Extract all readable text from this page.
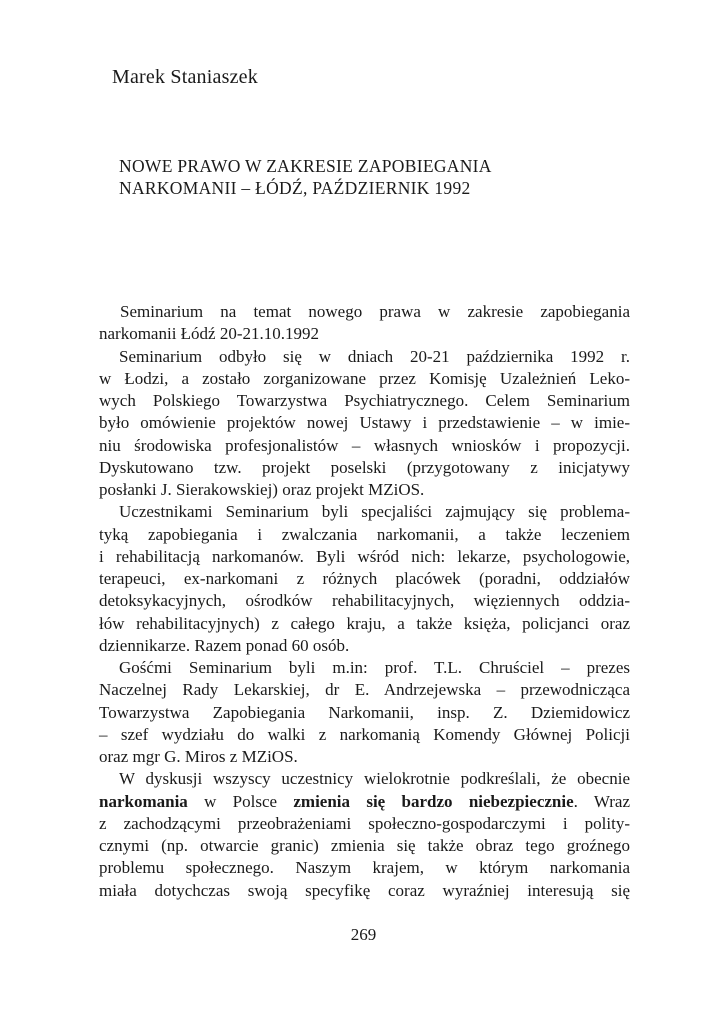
Marek Staniaszek
NOWE PRAWO W ZAKRESIE ZAPOBIEGANIA
NARKOMANII – ŁÓDŹ, PAŹDZIERNIK 1992
Seminarium na temat nowego prawa w zakresie zapobiegania
narkomanii Łódź 20-21.10.1992
Seminarium odbyło się w dniach 20-21 października 1992 r.
w Łodzi, a zostało zorganizowane przez Komisję Uzależnień Leko-
wych Polskiego Towarzystwa Psychiatrycznego. Celem Seminarium
było omówienie projektów nowej Ustawy i przedstawienie – w imie-
niu środowiska profesjonalistów – własnych wniosków i propozycji.
Dyskutowano tzw. projekt poselski (przygotowany z inicjatywy
posłanki J. Sierakowskiej) oraz projekt MZiOS.
Uczestnikami Seminarium byli specjaliści zajmujący się problema-
tyką zapobiegania i zwalczania narkomanii, a także leczeniem
i rehabilitacją narkomanów. Byli wśród nich: lekarze, psychologowie,
terapeuci, ex-narkomani z różnych placówek (poradni, oddziałów
detoksykacyjnych, ośrodków rehabilitacyjnych, więziennych oddzia-
łów rehabilitacyjnych) z całego kraju, a także księża, policjanci oraz
dziennikarze. Razem ponad 60 osób.
Gośćmi Seminarium byli m.in: prof. T.L. Chruściel – prezes
Naczelnej Rady Lekarskiej, dr E. Andrzejewska – przewodnicząca
Towarzystwa Zapobiegania Narkomanii, insp. Z. Dziemidowicz
– szef wydziału do walki z narkomanią Komendy Głównej Policji
oraz mgr G. Miros z MZiOS.
W dyskusji wszyscy uczestnicy wielokrotnie podkreślali, że obecnie
narkomania w Polsce zmienia się bardzo niebezpiecznie. Wraz
z zachodzącymi przeobrażeniami społeczno-gospodarczymi i polity-
cznymi (np. otwarcie granic) zmienia się także obraz tego groźnego
problemu społecznego. Naszym krajem, w którym narkomania
miała dotychczas swoją specyfikę coraz wyraźniej interesują się
269
